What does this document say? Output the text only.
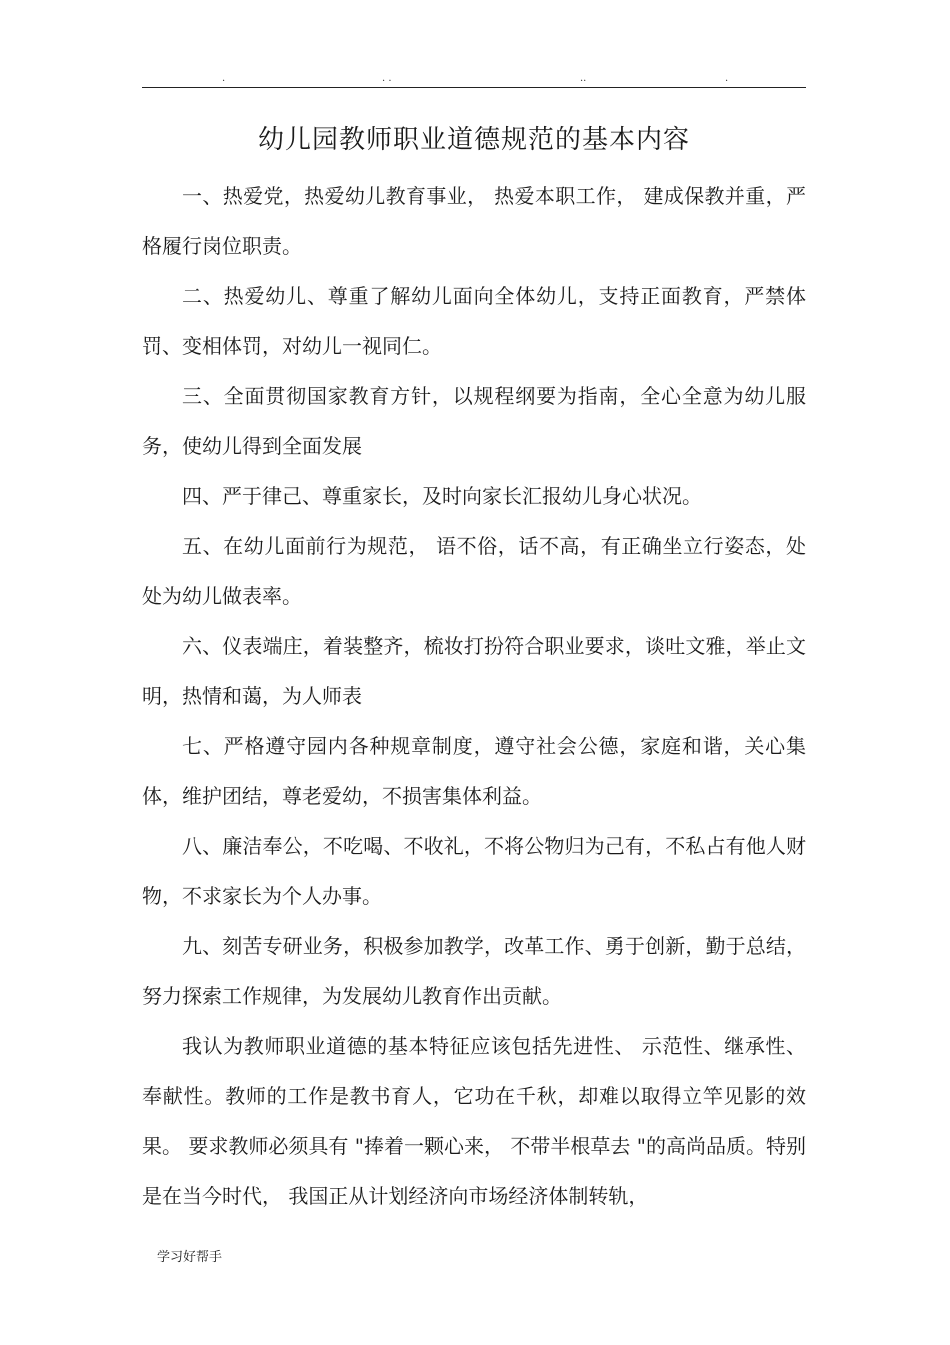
.	. .	..	.
幼儿园教师职业道德规范的基本内容

一、热爱党，热爱幼儿教育事业， 热爱本职工作， 建成保教并重，严格履行岗位职责。

二、热爱幼儿、尊重了解幼儿面向全体幼儿，支持正面教育，严禁体罚、变相体罚，对幼儿一视同仁。

三、全面贯彻国家教育方针，以规程纲要为指南，全心全意为幼儿服务，使幼儿得到全面发展

四、严于律己、尊重家长，及时向家长汇报幼儿身心状况。

五、在幼儿面前行为规范， 语不俗，话不高，有正确坐立行姿态，处处为幼儿做表率。

六、仪表端庄，着装整齐，梳妆打扮符合职业要求，谈吐文雅，举止文明，热情和蔼，为人师表

七、严格遵守园内各种规章制度，遵守社会公德，家庭和谐，关心集体，维护团结，尊老爱幼，不损害集体利益。

八、廉洁奉公，不吃喝、不收礼，不将公物归为己有，不私占有他人财物，不求家长为个人办事。

九、刻苦专研业务，积极参加教学，改革工作、勇于创新，勤于总结，努力探索工作规律，为发展幼儿教育作出贡献。

我认为教师职业道德的基本特征应该包括先进性、 示范性、继承性、奉献性。教师的工作是教书育人，它功在千秋，却难以取得立竿见影的效果。 要求教师必须具有 "捧着一颗心来， 不带半根草去 "的高尚品质。特别是在当今时代， 我国正从计划经济向市场经济体制转轨，

学习好帮手
